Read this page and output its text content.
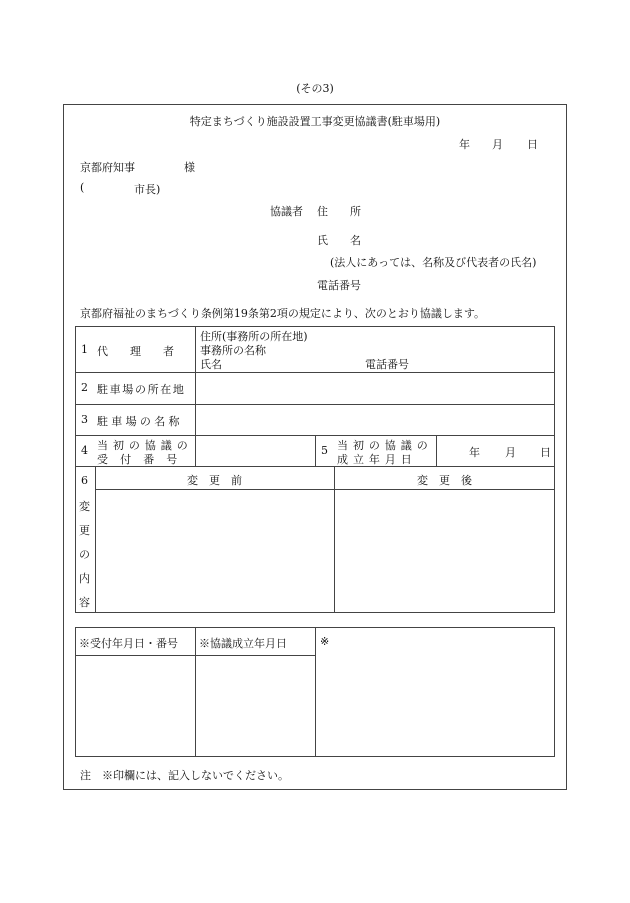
(その3)
特定まちづくり施設設置工事変更協議書(駐車場用)
年 月 日
京都府知事	様
(	市長)
協議者 住　　所
氏　　名
(法人にあっては、名称及び代表者の氏名)
電話番号
京都府福祉のまちづくり条例第19条第2項の規定により、次のとおり協議します。
1 代　　理　　者
住所(事務所の所在地)
事務所の名称
氏名	電話番号
2 駐車場の所在地
3 駐車場の名称
4 当初の協議の
受付番号
5 当初の協議の
成立年月日
年 月 日
6
変
更
の
内
容
変　更　前	変　更　後
※受付年月日・番号 ※協議成立年月日	※
注　※印欄には、記入しないでください。
